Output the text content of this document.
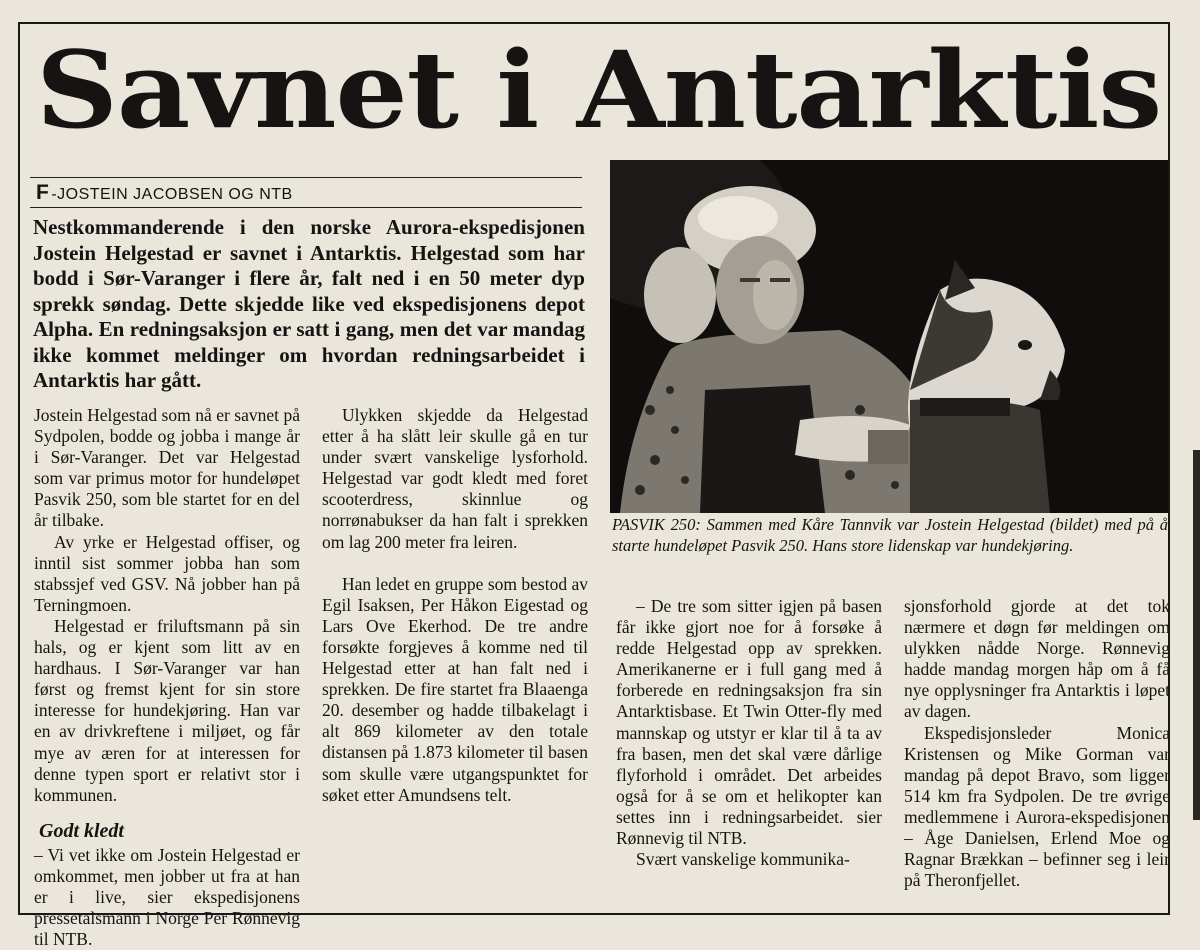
Savnet i Antarktis
F -JOSTEIN JACOBSEN OG NTB

Nestkommanderende i den norske Aurora-ekspedisjonen Jostein Helgestad er savnet i Antarktis. Helgestad som har bodd i Sør-Varanger i flere år, falt ned i en 50 meter dyp sprekk søndag. Dette skjedde like ved ekspedisjonens depot Alpha. En redningsaksjon er satt i gang, men det var mandag ikke kommet meldinger om hvordan redningsarbeidet i Antarktis har gått.

Jostein Helgestad som nå er savnet på Sydpolen, bodde og jobba i mange år i Sør-Varanger. Det var Helgestad som var primus motor for hundeløpet Pasvik 250, som ble startet for en del år tilbake.

Av yrke er Helgestad offiser, og inntil sist sommer jobba han som stabssjef ved GSV. Nå jobber han på Terningmoen.

Helgestad er friluftsmann på sin hals, og er kjent som litt av en hardhaus. I Sør-Varanger var han først og fremst kjent for sin store interesse for hundekjøring. Han var en av drivkreftene i miljøet, og får mye av æren for at interessen for denne typen sport er relativt stor i kommunen.

Godt kledt

– Vi vet ikke om Jostein Helgestad er omkommet, men jobber ut fra at han er i live, sier ekspedisjonens pressetalsmann i Norge Per Rønnevig til NTB.

Ulykken skjedde da Helgestad etter å ha slått leir skulle gå en tur under svært vanskelige lysforhold. Helgestad var godt kledt med foret scooterdress, skinnlue og norrønabukser da han falt i sprekken om lag 200 meter fra leiren.

Han ledet en gruppe som bestod av Egil Isaksen, Per Håkon Eigestad og Lars Ove Ekerhod. De tre andre forsøkte forgjeves å komme ned til Helgestad etter at han falt ned i sprekken. De fire startet fra Blaaenga 20. desember og hadde tilbakelagt i alt 869 kilometer av den totale distansen på 1.873 kilometer til basen som skulle være utgangspunktet for søket etter Amundsens telt.

PASVIK 250: Sammen med Kåre Tannvik var Jostein Helgestad (bildet) med på å starte hundeløpet Pasvik 250. Hans store lidenskap var hundekjøring.

– De tre som sitter igjen på basen får ikke gjort noe for å forsøke å redde Helgestad opp av sprekken. Amerikanerne er i full gang med å forberede en redningsaksjon fra sin Antarktisbase. Et Twin Otter-fly med mannskap og utstyr er klar til å ta av fra basen, men det skal være dårlige flyforhold i området. Det arbeides også for å se om et helikopter kan settes inn i redningsarbeidet. sier Rønnevig til NTB.

Svært vanskelige kommunika-

sjonsforhold gjorde at det tok nærmere et døgn før meldingen om ulykken nådde Norge. Rønnevig hadde mandag morgen håp om å få nye opplysninger fra Antarktis i løpet av dagen.

Ekspedisjonsleder Monica Kristensen og Mike Gorman var mandag på depot Bravo, som ligger 514 km fra Sydpolen. De tre øvrige medlemmene i Aurora-ekspedisjonen – Åge Danielsen, Erlend Moe og Ragnar Brækkan – befinner seg i leir på Theronfjellet.
